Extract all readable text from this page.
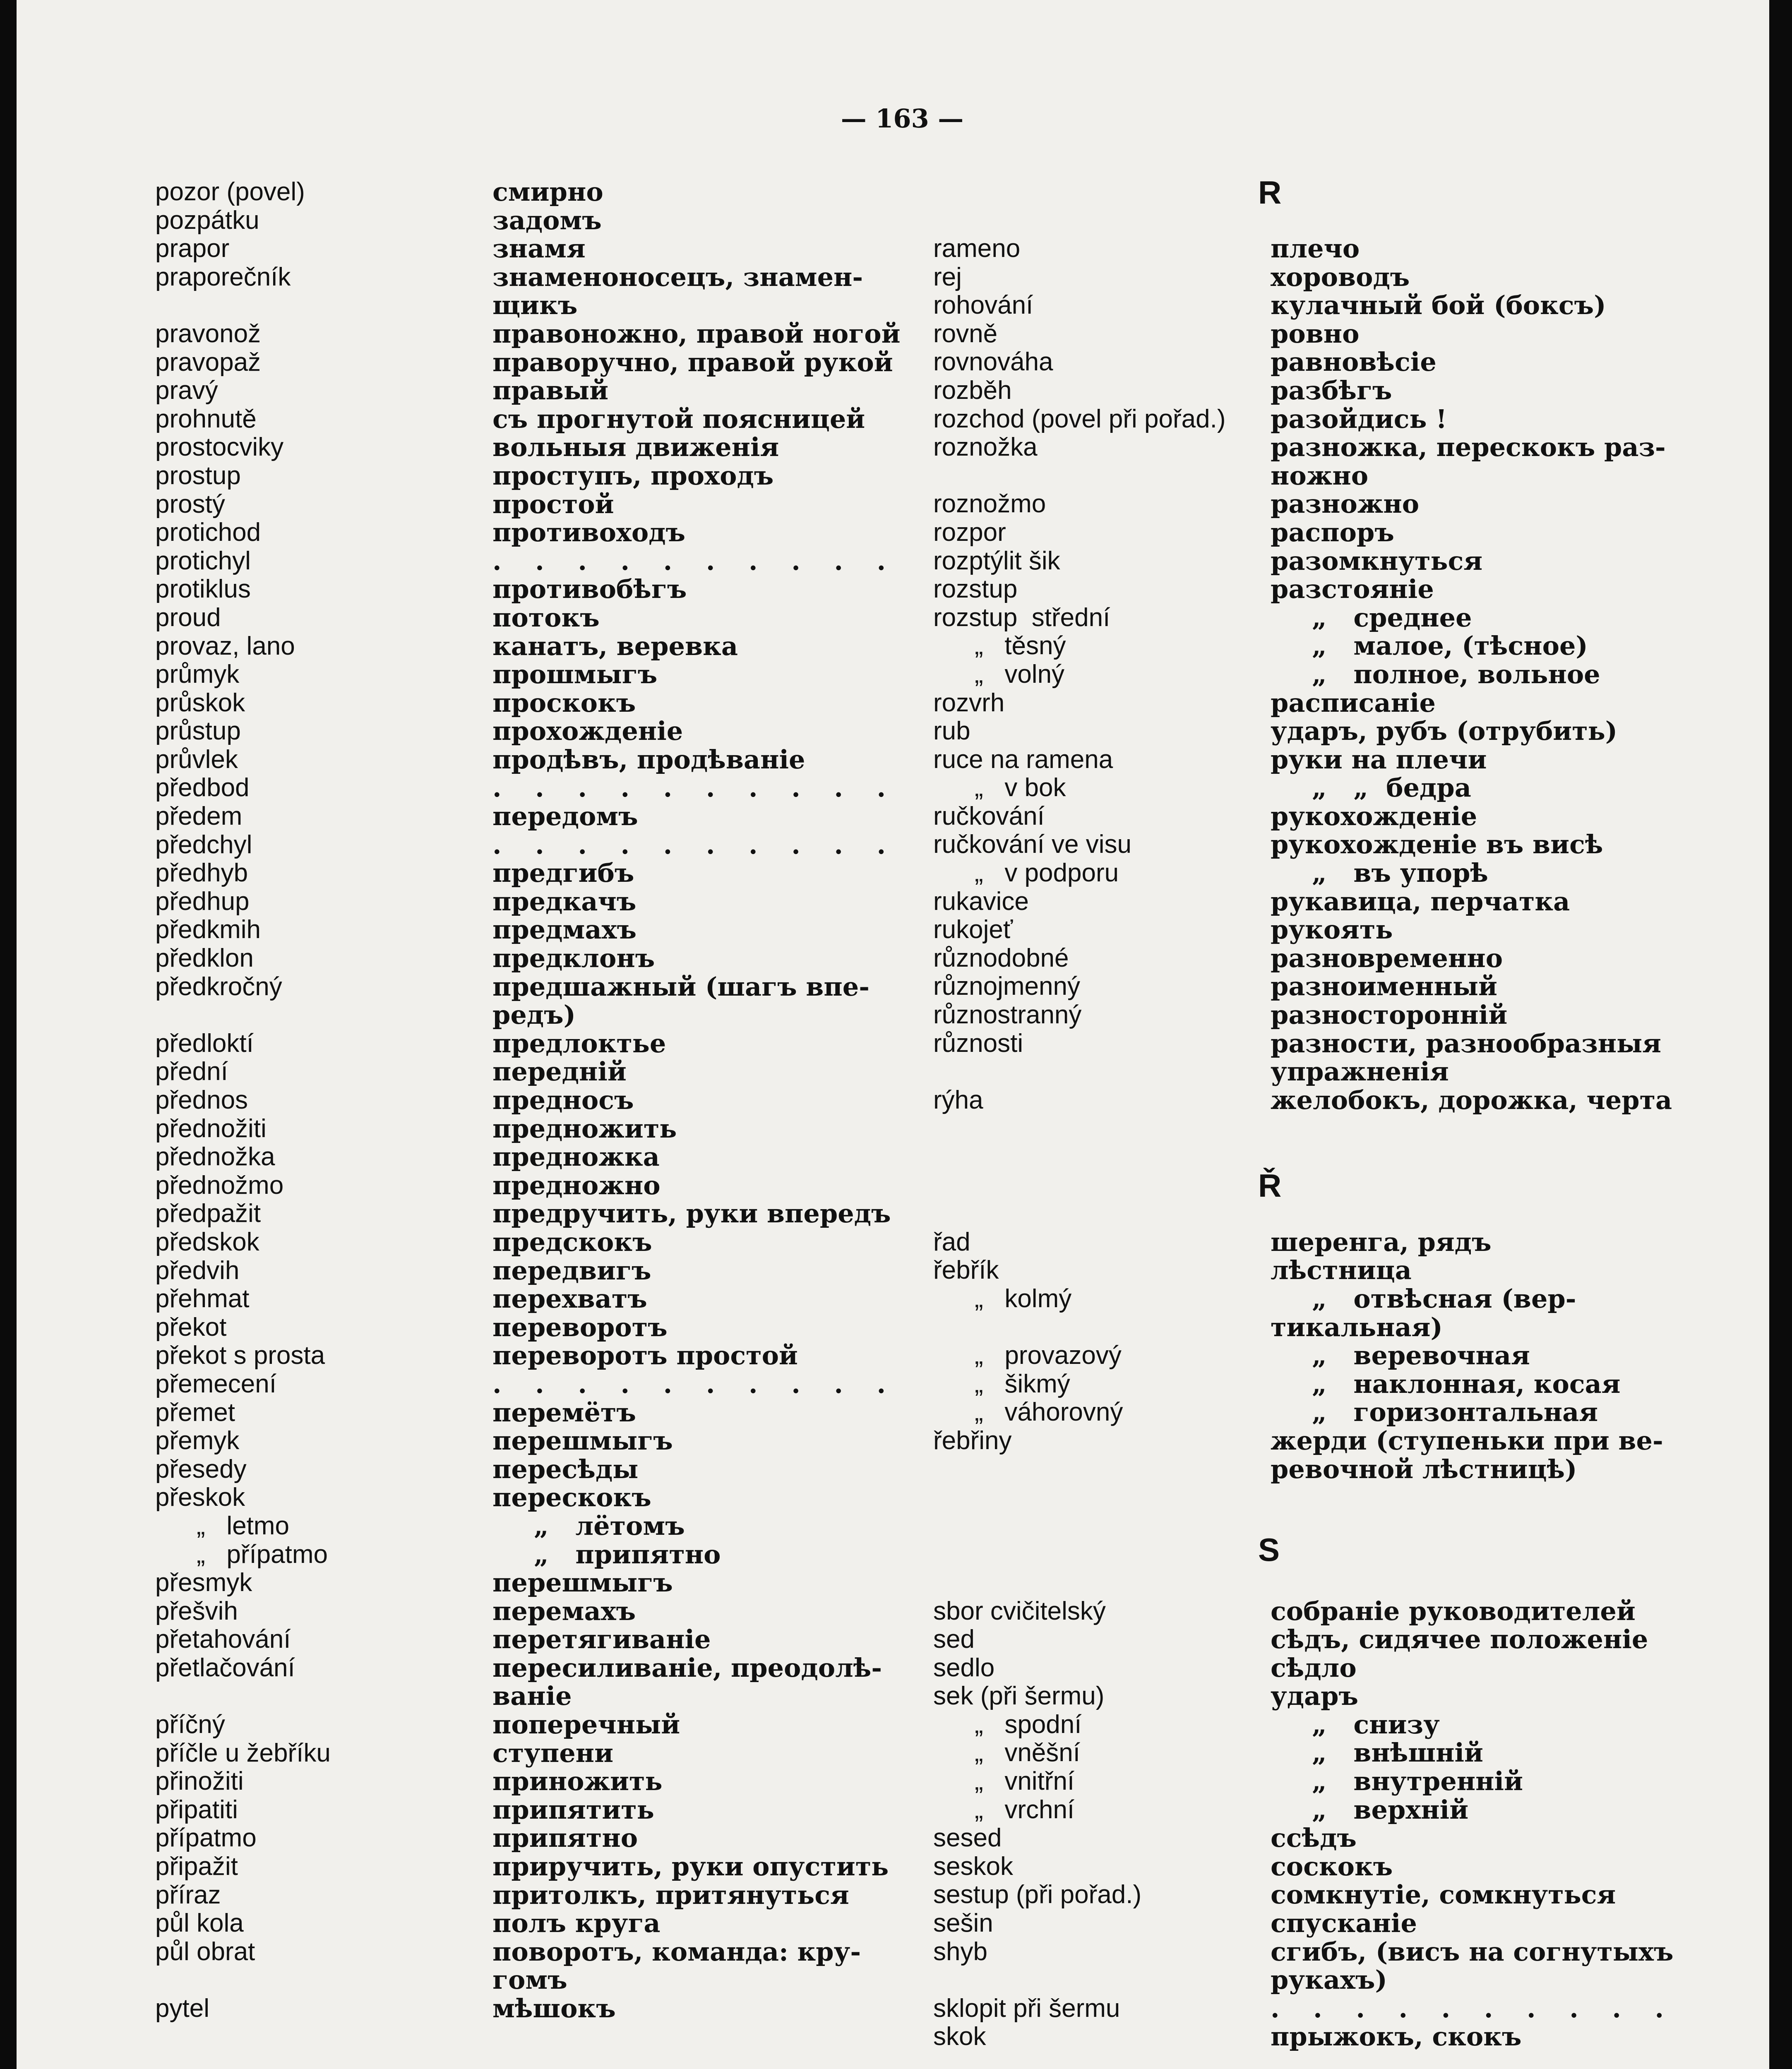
— 163 —
R
Ř
S
pozor (povel)
pozpátku
prapor
praporečník
pravonož
pravopaž
pravý
prohnutě
prostocviky
prostup
prostý
protichod
protichyl
protiklus
proud
provaz, lano
průmyk
průskok
průstup
průvlek
předbod
předem
předchyl
předhyb
předhup
předkmih
předklon
předkročný
předloktí
přední
přednos
přednožiti
přednožka
přednožmo
předpažit
předskok
předvih
přehmat
překot
překot s prosta
přemecení
přemet
přemyk
přesedy
přeskok
„   letmo
„   přípatmo
přesmyk
přešvih
přetahování
přetlačování
příčný
příčle u žebříku
přinožiti
připatiti
přípatmo
připažit
příraz
půl kola
půl obrat
pytel
смирно
задомъ
знамя
знаменоносецъ, знамен-
щикъ
правоножно, правой ногой
праворучно, правой рукой
правый
съ прогнутой поясницей
вольныя движенія
проступъ, проходъ
простой
противоходъ
. . . . . . . . . .
противобѣгъ
потокъ
канатъ, веревка
прошмыгъ
проскокъ
прохожденіе
продѣвъ, продѣваніе
. . . . . . . . . .
передомъ
. . . . . . . . . .
предгибъ
предкачъ
предмахъ
предклонъ
предшажный (шагъ впе-
редъ)
предлоктье
передній
предносъ
предножить
предножка
предножно
предручить, руки впередъ
предскокъ
передвигъ
перехватъ
переворотъ
переворотъ простой
. . . . . . . . . .
перемётъ
перешмыгъ
пересѣды
перескокъ
„   лётомъ
„   припятно
перешмыгъ
перемахъ
перетягиваніе
пересиливаніе, преодолѣ-
ваніе
поперечный
ступени
приножить
припятить
припятно
приручить, руки опустить
притолкъ, притянуться
полъ круга
поворотъ, команда: кру-
гомъ
мѣшокъ
rameno
rej
rohování
rovně
rovnováha
rozběh
rozchod (povel při pořad.)
roznožka
roznožmo
rozpor
rozptýlit šik
rozstup
rozstup  střední
„   těsný
„   volný
rozvrh
rub
ruce na ramena
„   v bok
ručkování
ručkování ve visu
„   v podporu
rukavice
rukojeť
různodobné
různojmenný
různostranný
různosti
rýha
řad
řebřík
„   kolmý
„   provazový
„   šikmý
„   váhorovný
řebřiny
sbor cvičitelský
sed
sedlo
sek (při šermu)
„   spodní
„   vněšní
„   vnitřní
„   vrchní
sesed
seskok
sestup (při pořad.)
sešin
shyb
sklopit při šermu
skok
плечо
хороводъ
кулачный бой (боксъ)
ровно
равновѣсіе
разбѣгъ
разойдись !
разножка, перескокъ раз-
ножно
разножно
распоръ
разомкнуться
разстояніе
„   среднее
„   малое, (тѣсное)
„   полное, вольное
расписаніе
ударъ, рубъ (отрубить)
руки на плечи
„   „  бедра
рукохожденіе
рукохожденіе въ висѣ
„   въ упорѣ
рукавица, перчатка
рукоять
разновременно
разноименный
разносторонній
разности, разнообразныя
упражненія
желобокъ, дорожка, черта
шеренга, рядъ
лѣстница
„   отвѣсная (вер-
тикальная)
„   веревочная
„   наклонная, косая
„   горизонтальная
жерди (ступеньки при ве-
ревочной лѣстницѣ)
собраніе руководителей
сѣдъ, сидячее положеніе
сѣдло
ударъ
„   снизу
„   внѣшній
„   внутренній
„   верхній
ссѣдъ
соскокъ
сомкнутіе, сомкнуться
спусканіе
сгибъ, (висъ на согнутыхъ
рукахъ)
. . . . . . . . . .
прыжокъ, скокъ
